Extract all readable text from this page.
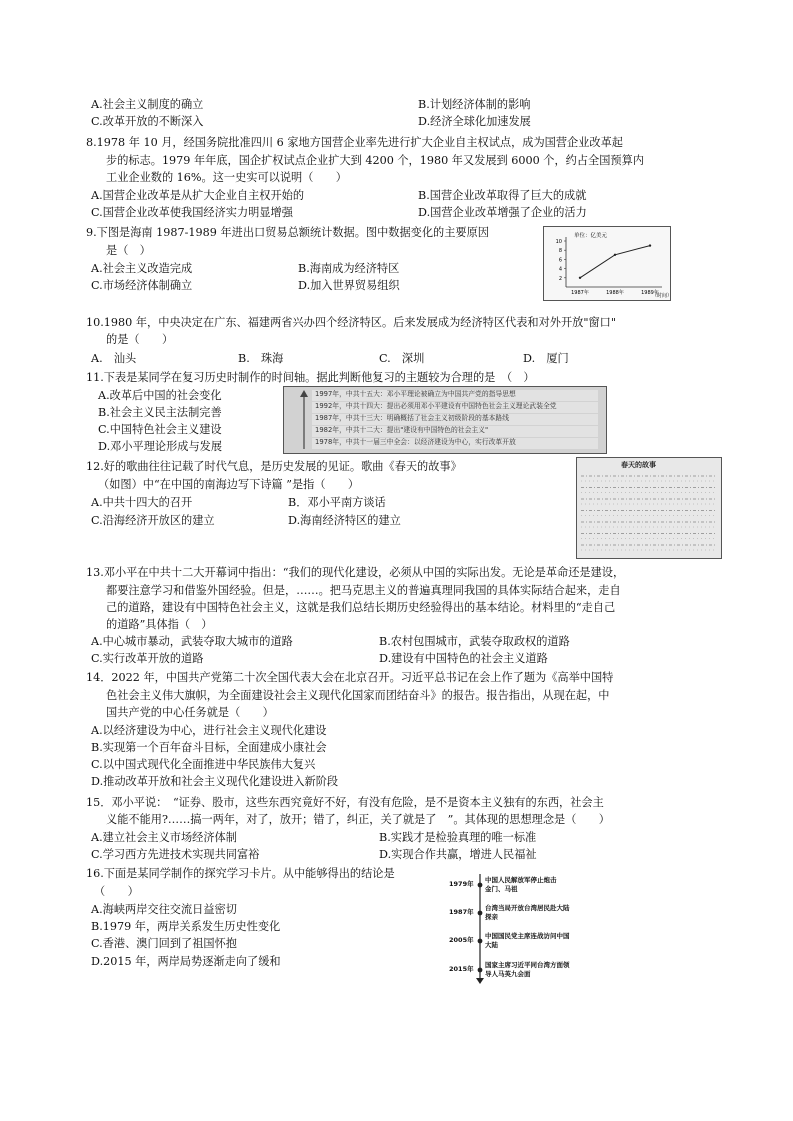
A.社会主义制度的确立	B.计划经济体制的影响
C.改革开放的不断深入	D.经济全球化加速发展
8.1978 年 10 月，经国务院批准四川 6 家地方国营企业率先进行扩大企业自主权试点，成为国营企业改革起
步的标志。1979 年年底，国企扩权试点企业扩大到 4200 个，1980 年又发展到 6000 个，约占全国预算内
工业企业数的 16%。这一史实可以说明（　　）
A.国营企业改革是从扩大企业自主权开始的	B.国营企业改革取得了巨大的成就
C.国营企业改革使我国经济实力明显增强	D.国营企业改革增强了企业的活力
9.下图是海南 1987-1989 年进出口贸易总额统计数据。图中数据变化的主要原因
是（　）
A.社会主义改造完成	B.海南成为经济特区
C.市场经济体制确立	D.加入世界贸易组织
单位：亿美元
（时间）
10
8
6
4
2
1987年	1988年	1989年
10.1980 年，中央决定在广东、福建两省兴办四个经济特区。后来发展成为经济特区代表和对外开放"窗口"
的是（　　）
A.　汕头	B.　珠海	C.　深圳	D.　厦门
11.下表是某同学在复习历史时制作的时间轴。据此判断他复习的主题较为合理的是　（　）
A.改革后中国的社会变化
B.社会主义民主法制完善
C.中国特色社会主义建设
D.邓小平理论形成与发展
1997年，中共十五大：邓小平理论被确立为中国共产党的指导思想
1992年，中共十四大：提出必须用邓小平建设有中国特色社会主义理论武装全党
1987年，中共十三大：明确概括了社会主义初级阶段的基本路线
1982年，中共十二大：提出"建设有中国特色的社会主义"
1978年，中共十一届三中全会：以经济建设为中心，实行改革开放
12.好的歌曲往往记载了时代气息，是历史发展的见证。歌曲《春天的故事》
（如图）中“在中国的南海边写下诗篇 ”是指（　　）
A.中共十四大的召开	B．邓小平南方谈话
C.沿海经济开放区的建立	D.海南经济特区的建立
春天的故事
13.邓小平在中共十二大开幕词中指出：“我们的现代化建设，必须从中国的实际出发。无论是革命还是建设，
都要注意学习和借鉴外国经验。但是，……。把马克思主义的普遍真理同我国的具体实际结合起来，走自
己的道路，建设有中国特色社会主义，这就是我们总结长期历史经验得出的基本结论。材料里的“走自己
的道路”具体指（　）
A.中心城市暴动，武装夺取大城市的道路	B.农村包围城市，武装夺取政权的道路
C.实行改革开放的道路	D.建设有中国特色的社会主义道路
14．2022 年，中国共产党第二十次全国代表大会在北京召开。习近平总书记在会上作了题为《高举中国特
色社会主义伟大旗帜，为全面建设社会主义现代化国家而团结奋斗》的报告。报告指出，从现在起，中
国共产党的中心任务就是（　　）
A.以经济建设为中心，进行社会主义现代化建设
B.实现第一个百年奋斗目标，全面建成小康社会
C.以中国式现代化全面推进中华民族伟大复兴
D.推动改革开放和社会主义现代化建设进入新阶段
15．邓小平说：　“证券、股市，这些东西究竟好不好，有没有危险，是不是资本主义独有的东西，社会主
义能不能用?……搞一两年，对了，放开；错了，纠正，关了就是了　”。其体现的思想理念是（　　）
A.建立社会主义市场经济体制	B.实践才是检验真理的唯一标准
C.学习西方先进技术实现共同富裕	D.实现合作共赢，增进人民福祉
16.下面是某同学制作的探究学习卡片。从中能够得出的结论是
（　　）
A.海峡两岸交往交流日益密切
B.1979 年，两岸关系发生历史性变化
C.香港、澳门回到了祖国怀抱
D.2015 年，两岸局势逐渐走向了缓和
1979年 中国人民解放军停止炮击
金门、马祖
1987年 台湾当局开放台湾居民赴大陆
探亲
2005年 中国国民党主席连战访问中国
大陆
2015年 国家主席习近平同台湾方面领
导人马英九会面
